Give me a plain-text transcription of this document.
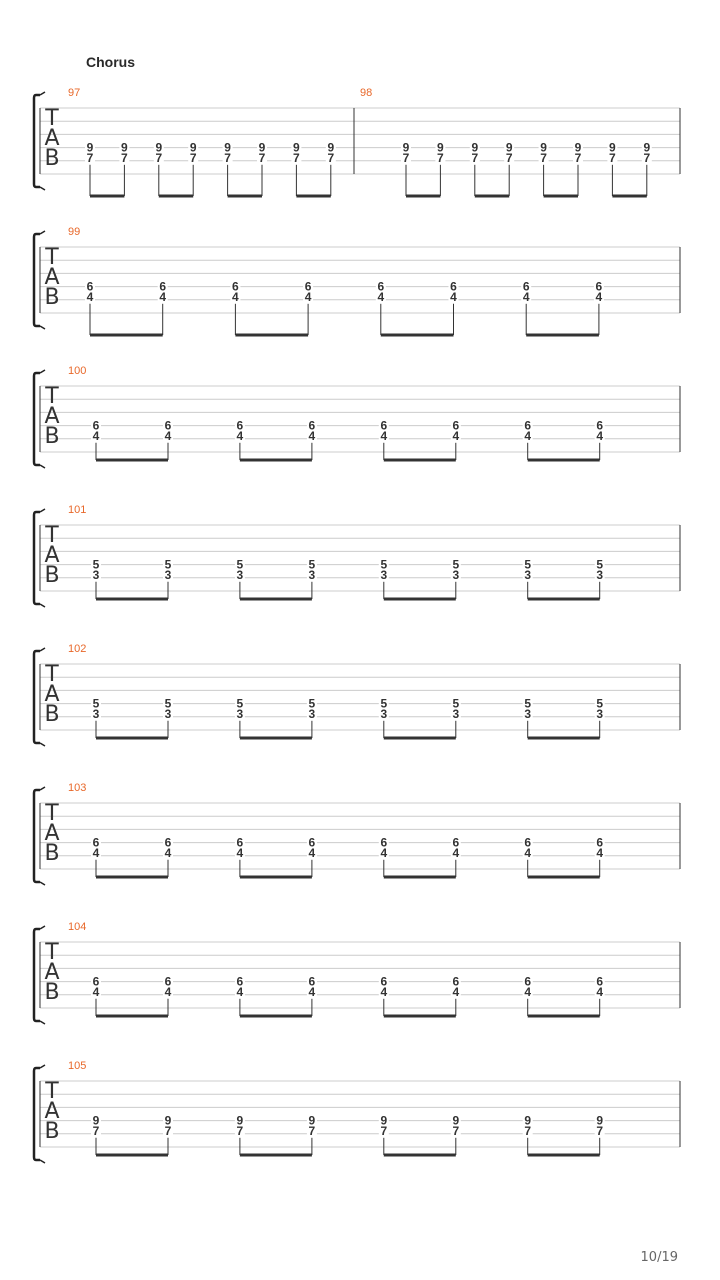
Chorus
T
A
B
97
9
7
9
7
9
7
9
7
9
7
9
7
9
7
9
7
98
9
7
9
7
9
7
9
7
9
7
9
7
9
7
9
7
T
A
B
99
6
4
6
4
6
4
6
4
6
4
6
4
6
4
6
4
T
A
B
100
6
4
6
4
6
4
6
4
6
4
6
4
6
4
6
4
T
A
B
101
5
3
5
3
5
3
5
3
5
3
5
3
5
3
5
3
T
A
B
102
5
3
5
3
5
3
5
3
5
3
5
3
5
3
5
3
T
A
B
103
6
4
6
4
6
4
6
4
6
4
6
4
6
4
6
4
T
A
B
104
6
4
6
4
6
4
6
4
6
4
6
4
6
4
6
4
T
A
B
105
9
7
9
7
9
7
9
7
9
7
9
7
9
7
9
7
10/19
